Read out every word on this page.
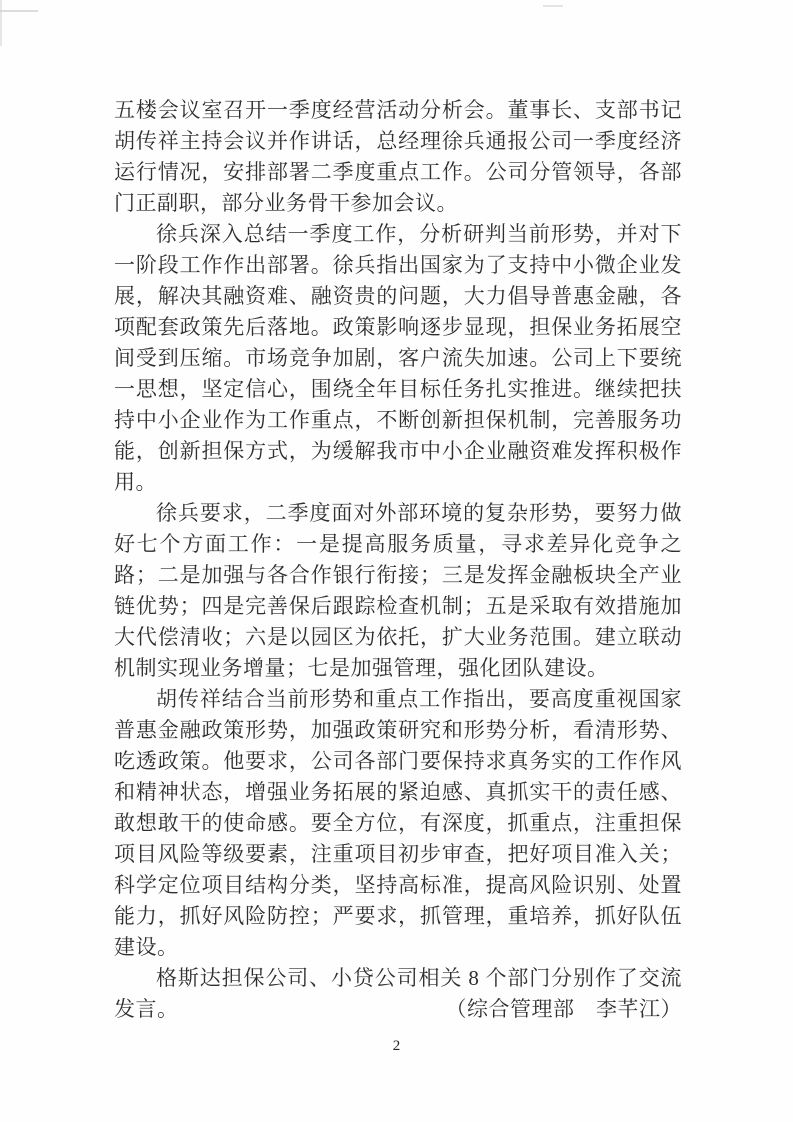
五楼会议室召开一季度经营活动分析会。董事长、支部书记胡传祥主持会议并作讲话，总经理徐兵通报公司一季度经济运行情况，安排部署二季度重点工作。公司分管领导，各部门正副职，部分业务骨干参加会议。

徐兵深入总结一季度工作，分析研判当前形势，并对下一阶段工作作出部署。徐兵指出国家为了支持中小微企业发展，解决其融资难、融资贵的问题，大力倡导普惠金融，各项配套政策先后落地。政策影响逐步显现，担保业务拓展空间受到压缩。市场竞争加剧，客户流失加速。公司上下要统一思想，坚定信心，围绕全年目标任务扎实推进。继续把扶持中小企业作为工作重点，不断创新担保机制，完善服务功能，创新担保方式，为缓解我市中小企业融资难发挥积极作用。

徐兵要求，二季度面对外部环境的复杂形势，要努力做好七个方面工作：一是提高服务质量，寻求差异化竞争之路；二是加强与各合作银行衔接；三是发挥金融板块全产业链优势；四是完善保后跟踪检查机制；五是采取有效措施加大代偿清收；六是以园区为依托，扩大业务范围。建立联动机制实现业务增量；七是加强管理，强化团队建设。

胡传祥结合当前形势和重点工作指出，要高度重视国家普惠金融政策形势，加强政策研究和形势分析，看清形势、吃透政策。他要求，公司各部门要保持求真务实的工作作风和精神状态，增强业务拓展的紧迫感、真抓实干的责任感、敢想敢干的使命感。要全方位，有深度，抓重点，注重担保项目风险等级要素，注重项目初步审查，把好项目准入关；科学定位项目结构分类，坚持高标准，提高风险识别、处置能力，抓好风险防控；严要求，抓管理，重培养，抓好队伍建设。

格斯达担保公司、小贷公司相关 8 个部门分别作了交流发言。	（综合管理部　李芊江）
2
